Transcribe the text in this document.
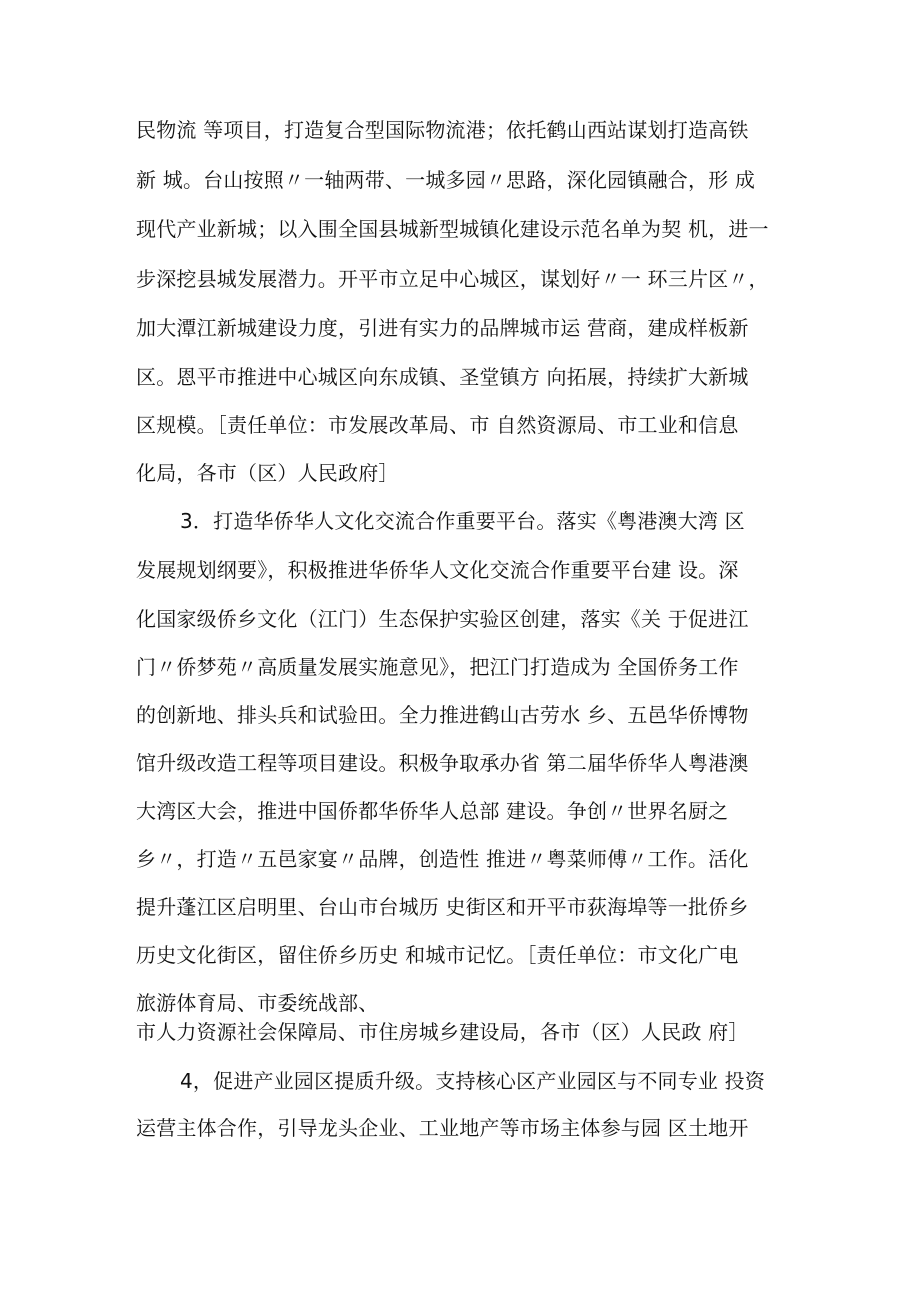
民物流 等项目，打造复合型国际物流港；依托鹤山西站谋划打造高铁
新 城。台山按照〃一轴两带、一城多园〃思路，深化园镇融合，形 成
现代产业新城；以入围全国县城新型城镇化建设示范名单为契 机，进一
步深挖县城发展潜力。开平市立足中心城区，谋划好〃一 环三片区〃，
加大潭江新城建设力度，引进有实力的品牌城市运 营商，建成样板新
区。恩平市推进中心城区向东成镇、圣堂镇方 向拓展，持续扩大新城
区规模。［责任单位：市发展改革局、市 自然资源局、市工业和信息
化局，各市（区）人民政府］
3．打造华侨华人文化交流合作重要平台。落实《粤港澳大湾 区
发展规划纲要》，积极推进华侨华人文化交流合作重要平台建 设。深
化国家级侨乡文化（江门）生态保护实验区创建，落实《关 于促进江
门〃侨梦苑〃高质量发展实施意见》，把江门打造成为 全国侨务工作
的创新地、排头兵和试验田。全力推进鹤山古劳水 乡、五邑华侨博物
馆升级改造工程等项目建设。积极争取承办省 第二届华侨华人粤港澳
大湾区大会，推进中国侨都华侨华人总部 建设。争创〃世界名厨之
乡〃，打造〃五邑家宴〃品牌，创造性 推进〃粤菜师傅〃工作。活化
提升蓬江区启明里、台山市台城历 史街区和开平市荻海埠等一批侨乡
历史文化街区，留住侨乡历史 和城市记忆。［责任单位：市文化广电
旅游体育局、市委统战部、
市人力资源社会保障局、市住房城乡建设局，各市（区）人民政 府］
4，促进产业园区提质升级。支持核心区产业园区与不同专业 投资
运营主体合作，引导龙头企业、工业地产等市场主体参与园 区土地开
